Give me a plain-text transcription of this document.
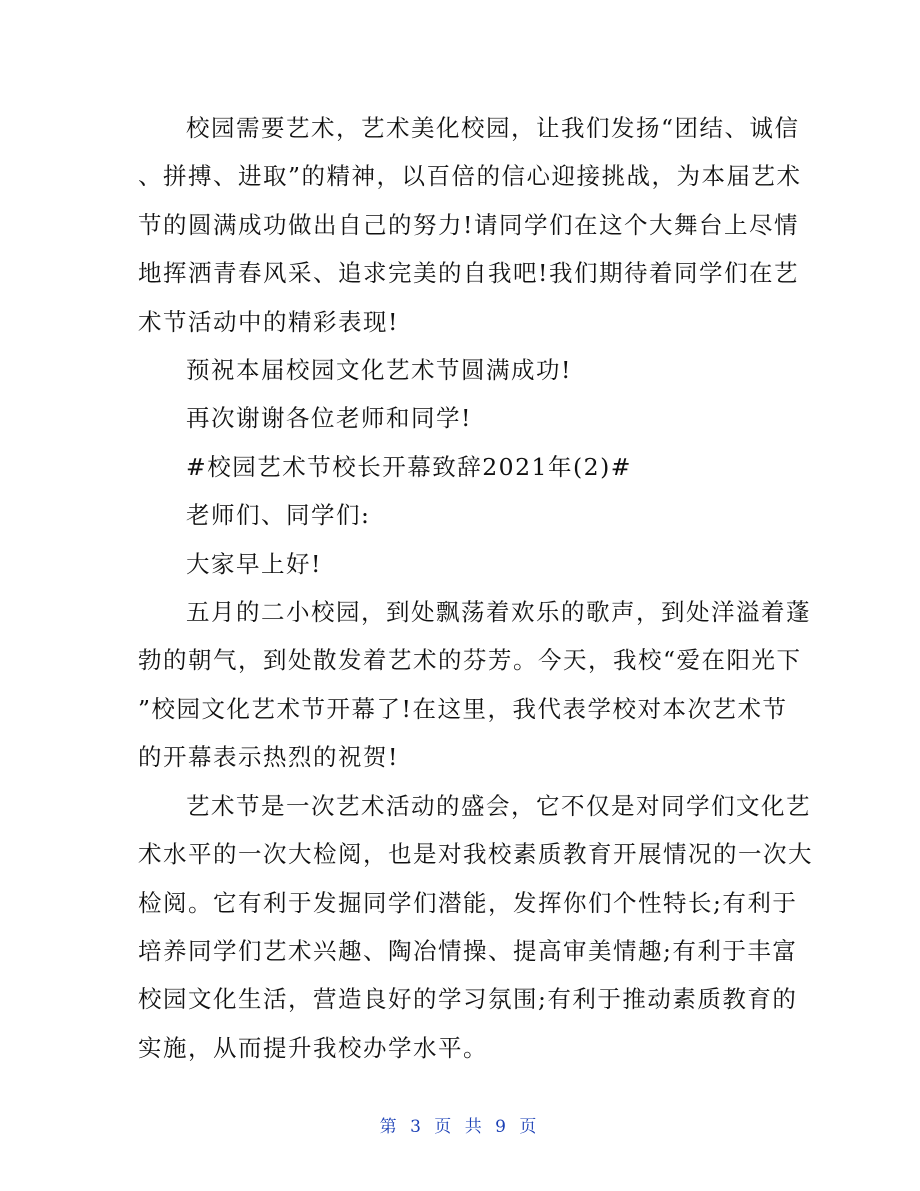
校园需要艺术，艺术美化校园，让我们发扬“团结、诚信

、拼搏、进取”的精神，以百倍的信心迎接挑战，为本届艺术

节的圆满成功做出自己的努力!请同学们在这个大舞台上尽情

地挥洒青春风采、追求完美的自我吧!我们期待着同学们在艺

术节活动中的精彩表现!

预祝本届校园文化艺术节圆满成功!

再次谢谢各位老师和同学!

#校园艺术节校长开幕致辞2021年(2)#

老师们、同学们:

大家早上好!

五月的二小校园，到处飘荡着欢乐的歌声，到处洋溢着蓬

勃的朝气，到处散发着艺术的芬芳。今天，我校“爱在阳光下

”校园文化艺术节开幕了!在这里，我代表学校对本次艺术节

的开幕表示热烈的祝贺!

艺术节是一次艺术活动的盛会，它不仅是对同学们文化艺

术水平的一次大检阅，也是对我校素质教育开展情况的一次大

检阅。它有利于发掘同学们潜能，发挥你们个性特长;有利于

培养同学们艺术兴趣、陶冶情操、提高审美情趣;有利于丰富

校园文化生活，营造良好的学习氛围;有利于推动素质教育的

实施，从而提升我校办学水平。

第 3 页 共 9 页
